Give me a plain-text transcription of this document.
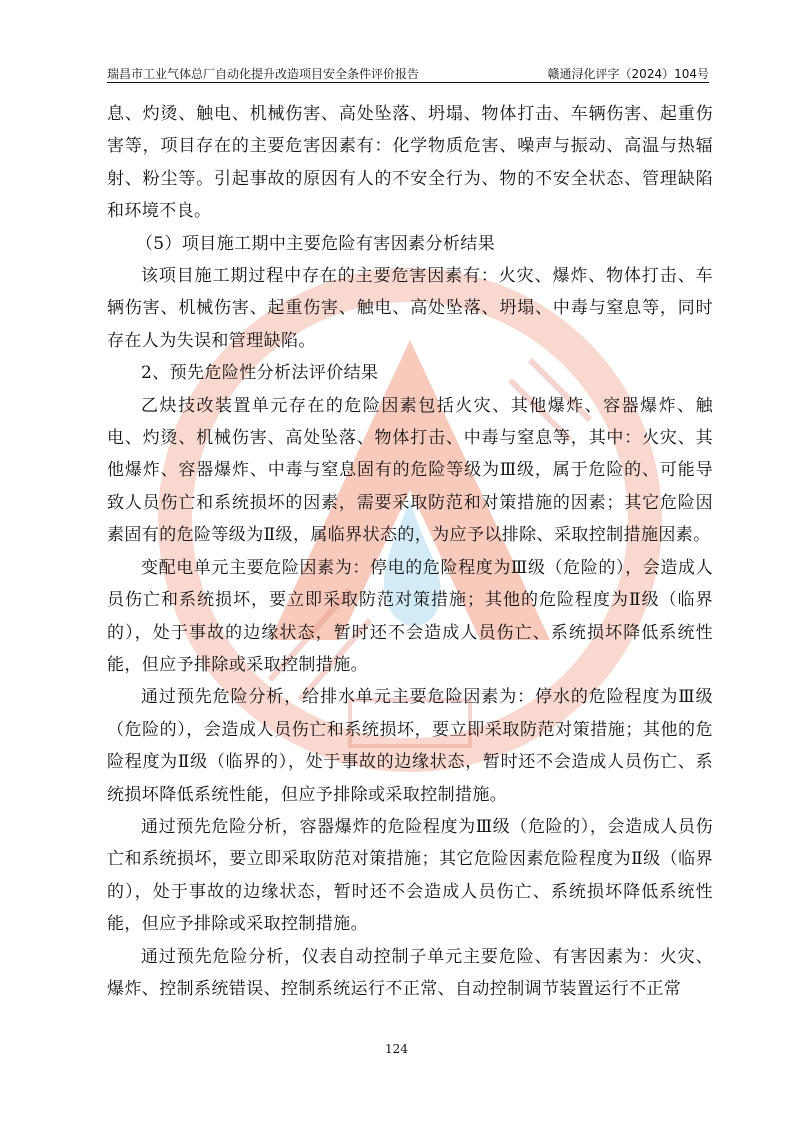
瑞昌市工业气体总厂自动化提升改造项目安全条件评价报告	赣通浔化评字（2024）104号

息、灼烫、触电、机械伤害、高处坠落、坍塌、物体打击、车辆伤害、起重伤害等，项目存在的主要危害因素有：化学物质危害、噪声与振动、高温与热辐射、粉尘等。引起事故的原因有人的不安全行为、物的不安全状态、管理缺陷和环境不良。

（5）项目施工期中主要危险有害因素分析结果

该项目施工期过程中存在的主要危害因素有：火灾、爆炸、物体打击、车辆伤害、机械伤害、起重伤害、触电、高处坠落、坍塌、中毒与窒息等，同时存在人为失误和管理缺陷。

2、预先危险性分析法评价结果

乙炔技改装置单元存在的危险因素包括火灾、其他爆炸、容器爆炸、触电、灼烫、机械伤害、高处坠落、物体打击、中毒与窒息等，其中：火灾、其他爆炸、容器爆炸、中毒与窒息固有的危险等级为Ⅲ级，属于危险的、可能导致人员伤亡和系统损坏的因素，需要采取防范和对策措施的因素；其它危险因素固有的危险等级为Ⅱ级，属临界状态的，为应予以排除、采取控制措施因素。

变配电单元主要危险因素为：停电的危险程度为Ⅲ级（危险的），会造成人员伤亡和系统损坏，要立即采取防范对策措施；其他的危险程度为Ⅱ级（临界的），处于事故的边缘状态，暂时还不会造成人员伤亡、系统损坏降低系统性能，但应予排除或采取控制措施。

通过预先危险分析，给排水单元主要危险因素为：停水的危险程度为Ⅲ级（危险的），会造成人员伤亡和系统损坏，要立即采取防范对策措施；其他的危险程度为Ⅱ级（临界的），处于事故的边缘状态，暂时还不会造成人员伤亡、系统损坏降低系统性能，但应予排除或采取控制措施。

通过预先危险分析，容器爆炸的危险程度为Ⅲ级（危险的），会造成人员伤亡和系统损坏，要立即采取防范对策措施；其它危险因素危险程度为Ⅱ级（临界的），处于事故的边缘状态，暂时还不会造成人员伤亡、系统损坏降低系统性能，但应予排除或采取控制措施。

通过预先危险分析，仪表自动控制子单元主要危险、有害因素为：火灾、爆炸、控制系统错误、控制系统运行不正常、自动控制调节装置运行不正常

124
